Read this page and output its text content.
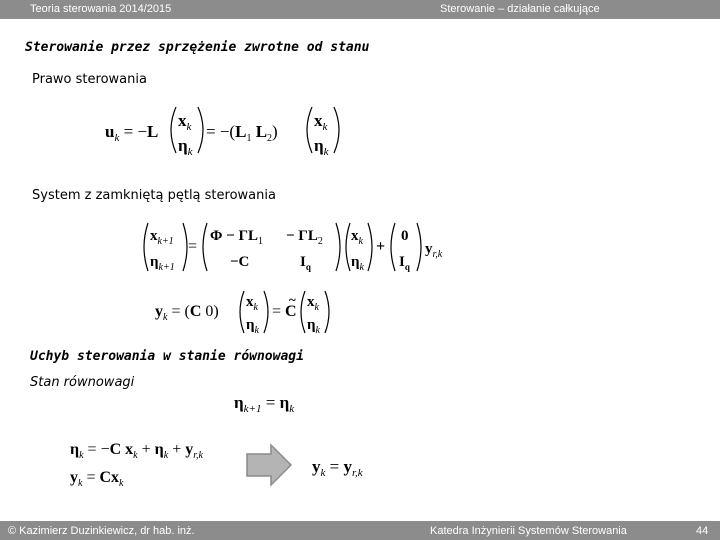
Teoria sterowania 2014/2015	Sterowanie – działanie całkujące
Sterowanie przez sprzężenie zwrotne od stanu
Prawo sterowania
$u_k = -L$
$x_k$
$\eta_k$
= $-(L_1$ $L_2$)
$x_k$
$\eta_k$
System z zamkniętą pętlą sterowania
$x_{k+1}$
$\eta_{k+1}$
=
$\Phi - \Gamma L_1 - \Gamma L_2$
−C	$I_q$
$x_k$
$\eta_k$
+
0
$I_q$
$y_{r,k}$
$y_k = (C$ 0)
$x_k$
$\eta_k$
= C
~ $x_k$
$\eta_k$
Uchyb sterowania w stanie równowagi
Stan równowagi
$\eta_{k+1} = \eta_k$
$\eta_k = -C$ $x_k + \eta_k + y_{r,k}$
$y_k = Cx_k$
$y_k = y_{r,k}$
© Kazimierz Duzinkiewicz, dr hab. inż.	Katedra Inżynierii Systemów Sterowania	44
